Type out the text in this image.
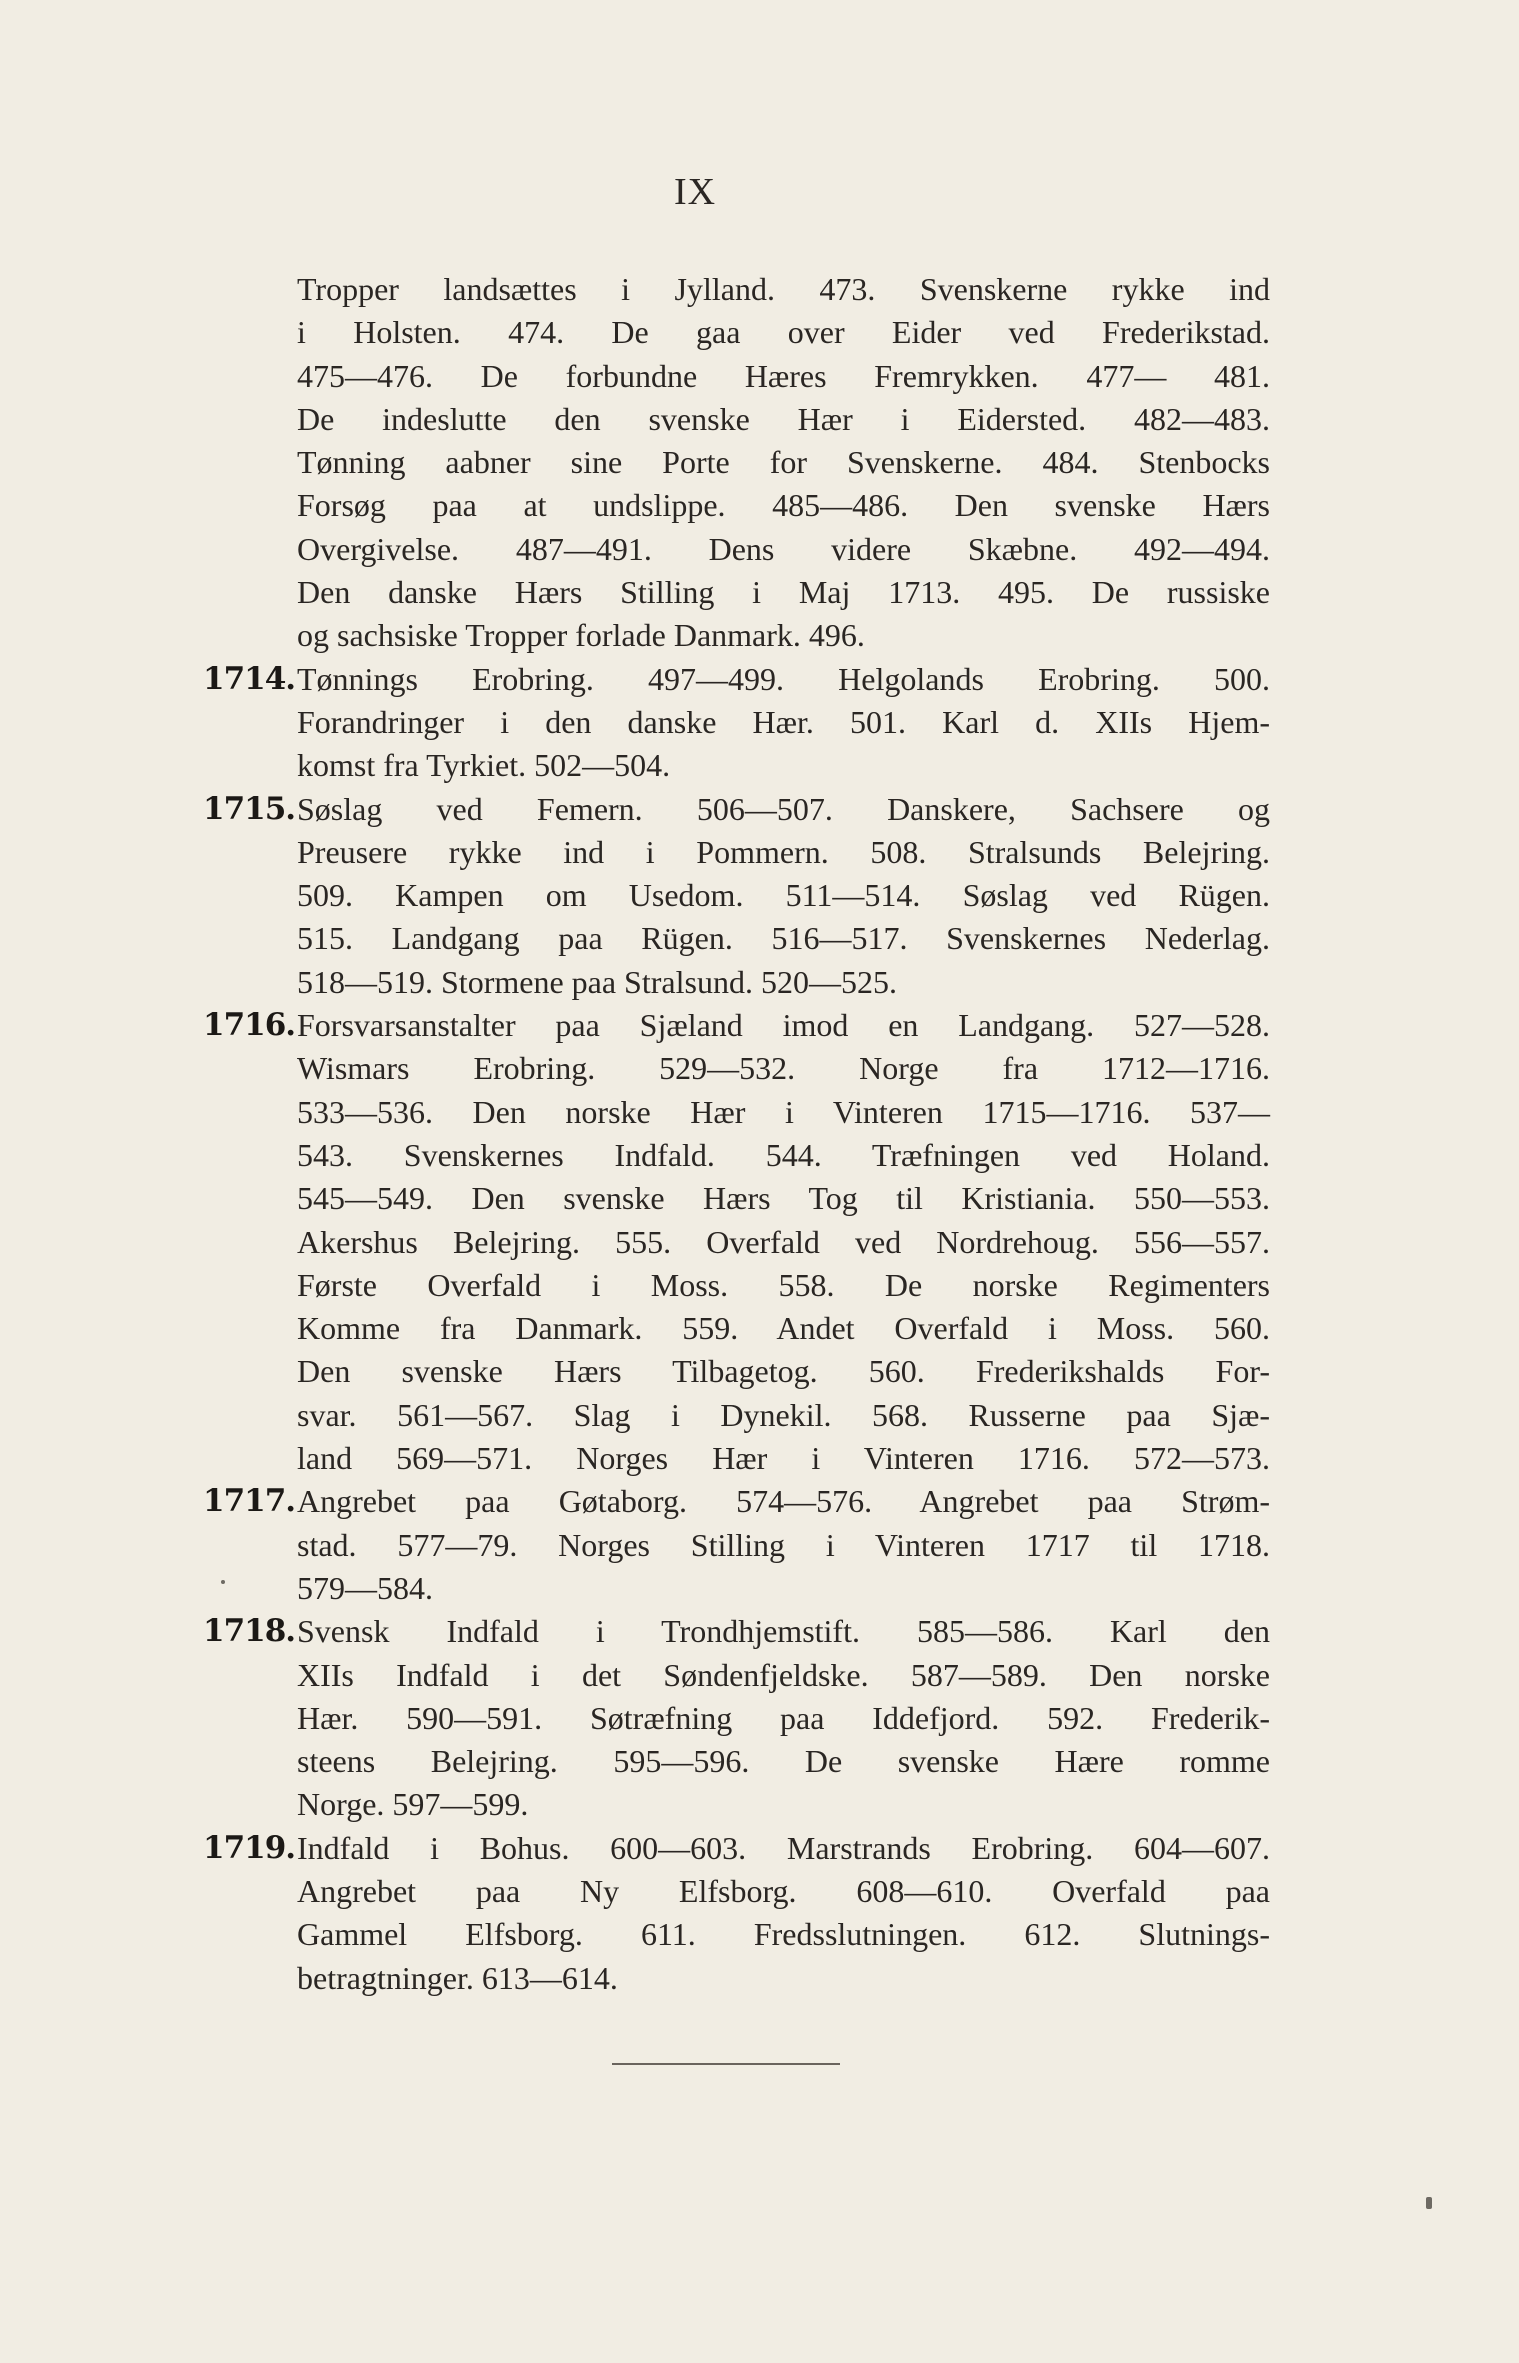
IX
Tropper landsættes i Jylland. 473. Svenskerne rykke ind
i Holsten. 474. De gaa over Eider ved Frederikstad.
475—476. De forbundne Hæres Fremrykken. 477— 481.
De indeslutte den svenske Hær i Eidersted. 482—483.
Tønning aabner sine Porte for Svenskerne. 484. Stenbocks
Forsøg paa at undslippe. 485—486. Den svenske Hærs
Overgivelse. 487—491. Dens videre Skæbne. 492—494.
Den danske Hærs Stilling i Maj 1713. 495. De russiske
og sachsiske Tropper forlade Danmark. 496.
1714. Tønnings Erobring. 497—499. Helgolands Erobring. 500.
Forandringer i den danske Hær. 501. Karl d. XIIs Hjem-
komst fra Tyrkiet. 502—504.
1715. Søslag ved Femern. 506—507. Danskere, Sachsere og
Preusere rykke ind i Pommern. 508. Stralsunds Belejring.
509. Kampen om Usedom. 511—514. Søslag ved Rügen.
515. Landgang paa Rügen. 516—517. Svenskernes Nederlag.
518—519. Stormene paa Stralsund. 520—525.
1716. Forsvarsanstalter paa Sjæland imod en Landgang. 527—528.
Wismars Erobring. 529—532. Norge fra 1712—1716.
533—536. Den norske Hær i Vinteren 1715—1716. 537—
543. Svenskernes Indfald. 544. Træfningen ved Holand.
545—549. Den svenske Hærs Tog til Kristiania. 550—553.
Akershus Belejring. 555. Overfald ved Nordrehoug. 556—557.
Første Overfald i Moss. 558. De norske Regimenters
Komme fra Danmark. 559. Andet Overfald i Moss. 560.
Den svenske Hærs Tilbagetog. 560. Frederikshalds For-
svar. 561—567. Slag i Dynekil. 568. Russerne paa Sjæ-
land 569—571. Norges Hær i Vinteren 1716. 572—573.
1717. Angrebet paa Gøtaborg. 574—576. Angrebet paa Strøm-
stad. 577—79. Norges Stilling i Vinteren 1717 til 1718.
579—584.
1718. Svensk Indfald i Trondhjemstift. 585—586. Karl den
XIIs Indfald i det Søndenfjeldske. 587—589. Den norske
Hær. 590—591. Søtræfning paa Iddefjord. 592. Frederik-
steens Belejring. 595—596. De svenske Hære romme
Norge. 597—599.
1719. Indfald i Bohus. 600—603. Marstrands Erobring. 604—607.
Angrebet paa Ny Elfsborg. 608—610. Overfald paa
Gammel Elfsborg. 611. Fredsslutningen. 612. Slutnings-
betragtninger. 613—614.
